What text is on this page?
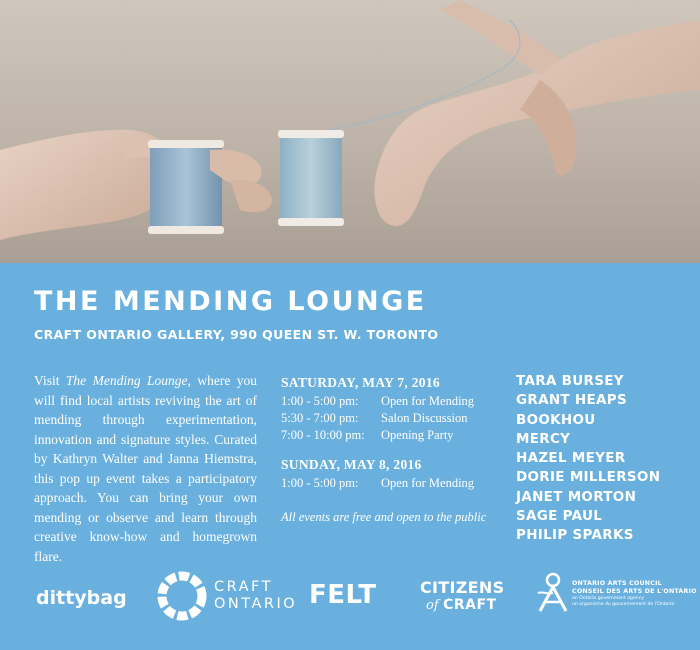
THE MENDING LOUNGE
CRAFT ONTARIO GALLERY, 990 QUEEN ST. W. TORONTO
Visit The Mending Lounge, where you will find local artists reviving the art of mending through experimentation, innovation and signature styles. Curated by Kathryn Walter and Janna Hiemstra, this pop up event takes a participatory approach. You can bring your own mending or observe and learn through creative know-how and homegrown flare.
SATURDAY, MAY 7, 2016
1:00 - 5:00 pm: Open for Mending
5:30 - 7:00 pm: Salon Discussion
7:00 - 10:00 pm: Opening Party
SUNDAY, MAY 8, 2016
1:00 - 5:00 pm: Open for Mending
All events are free and open to the public
TARA BURSEY
GRANT HEAPS
BOOKHOU
MERCY
HAZEL MEYER
DORIE MILLERSON
JANET MORTON
SAGE PAUL
PHILIP SPARKS
dittybag	CRAFT
ONTARIO FELT	CITIZENS
of CRAFT
ONTARIO ARTS COUNCIL
CONSEIL DES ARTS DE L'ONTARIO
an Ontario government agency
un organisme du gouvernement de l'Ontario
